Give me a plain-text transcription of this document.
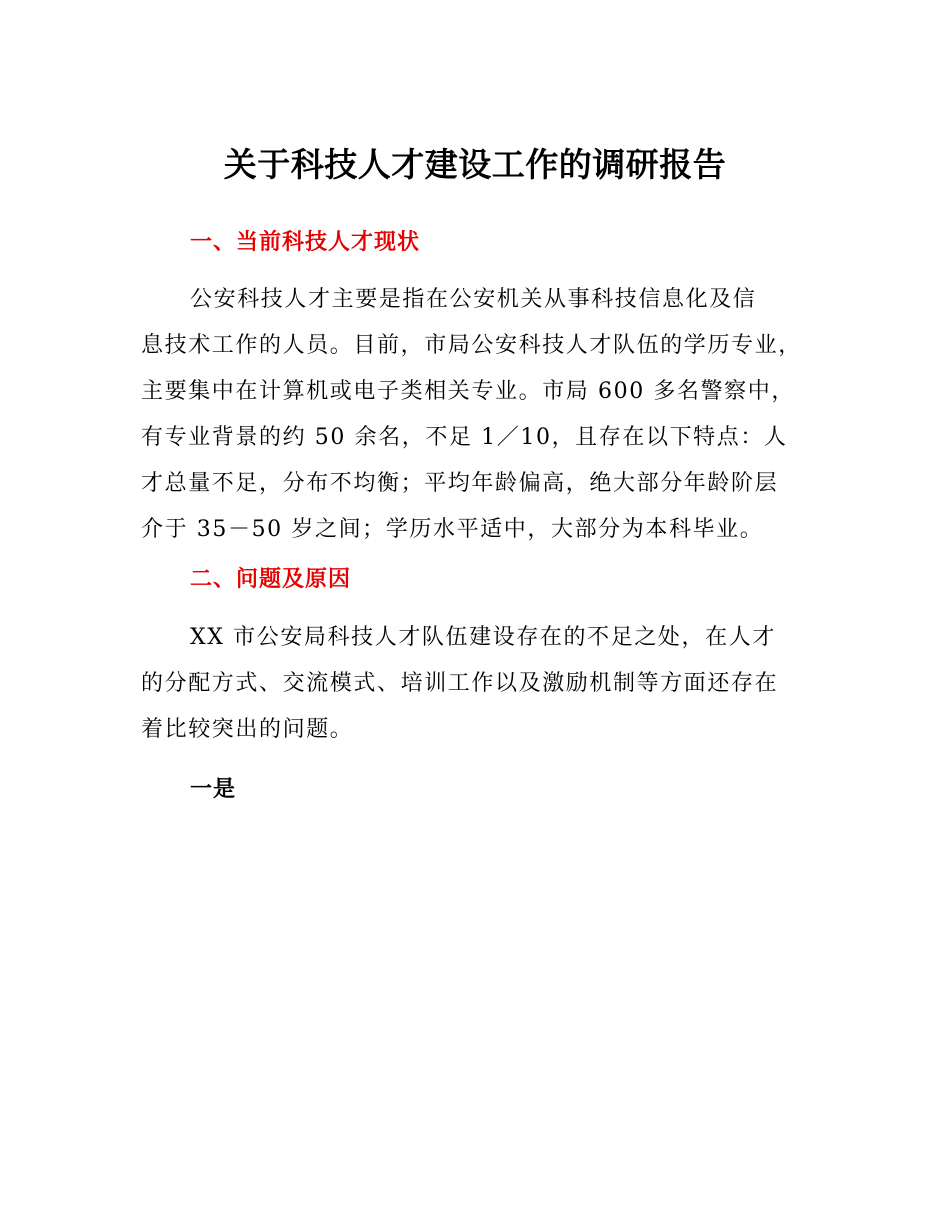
关于科技人才建设工作的调研报告
一、当前科技人才现状
公安科技人才主要是指在公安机关从事科技信息化及信
息技术工作的人员。目前，市局公安科技人才队伍的学历专业，
主要集中在计算机或电子类相关专业。市局 600 多名警察中，
有专业背景的约 50 余名，不足 1／10，且存在以下特点：人
才总量不足，分布不均衡；平均年龄偏高，绝大部分年龄阶层
介于 35－50 岁之间；学历水平适中，大部分为本科毕业。
二、问题及原因
XX 市公安局科技人才队伍建设存在的不足之处，在人才
的分配方式、交流模式、培训工作以及激励机制等方面还存在
着比较突出的问题。
一是
